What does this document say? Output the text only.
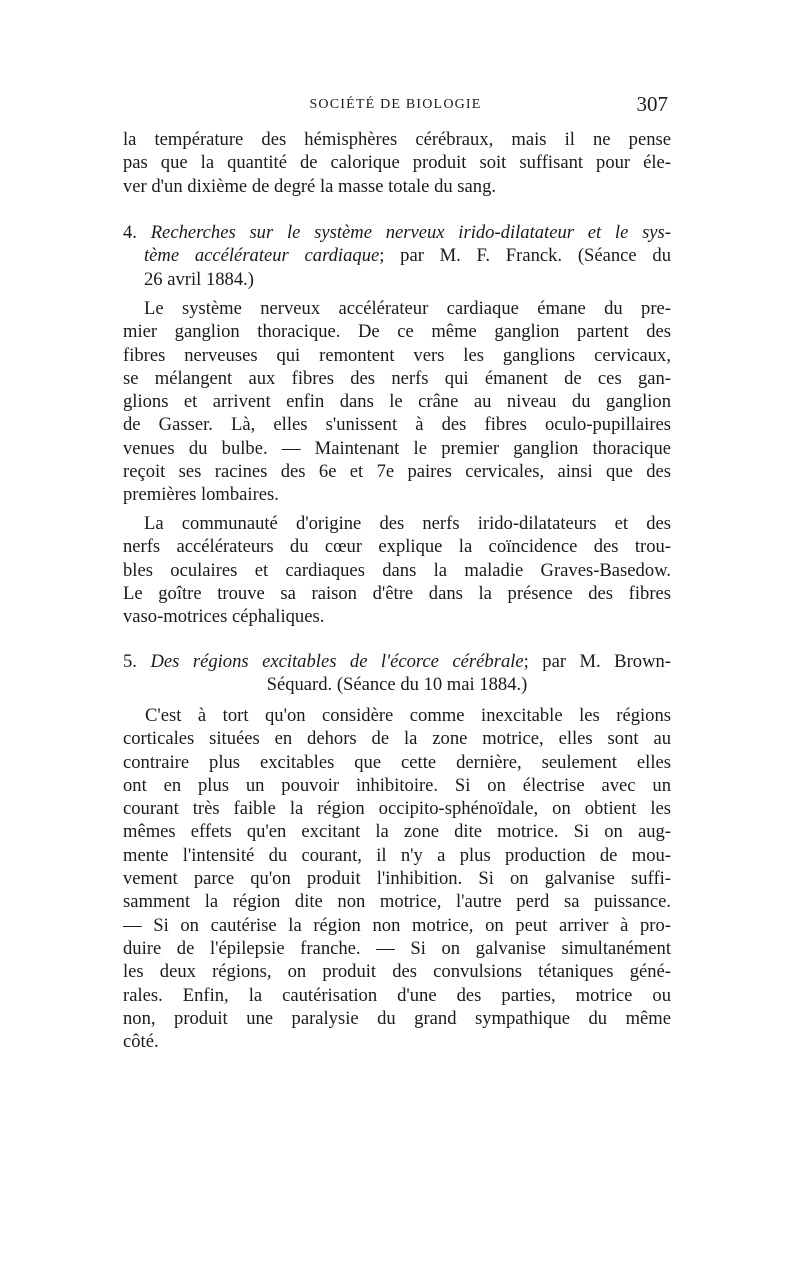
SOCIÉTÉ DE BIOLOGIE	307
la température des hémisphères cérébraux, mais il ne pense
pas que la quantité de calorique produit soit suffisant pour éle-
ver d'un dixième de degré la masse totale du sang.
4. Recherches sur le système nerveux irido-dilatateur et le sys-
tème accélérateur cardiaque; par M. F. Franck. (Séance du
26 avril 1884.)
Le système nerveux accélérateur cardiaque émane du pre-
mier ganglion thoracique. De ce même ganglion partent des
fibres nerveuses qui remontent vers les ganglions cervicaux,
se mélangent aux fibres des nerfs qui émanent de ces gan-
glions et arrivent enfin dans le crâne au niveau du ganglion
de Gasser. Là, elles s'unissent à des fibres oculo-pupillaires
venues du bulbe. — Maintenant le premier ganglion thoracique
reçoit ses racines des 6e et 7e paires cervicales, ainsi que des
premières lombaires.
La communauté d'origine des nerfs irido-dilatateurs et des
nerfs accélérateurs du cœur explique la coïncidence des trou-
bles oculaires et cardiaques dans la maladie Graves-Basedow.
Le goître trouve sa raison d'être dans la présence des fibres
vaso-motrices céphaliques.
5. Des régions excitables de l'écorce cérébrale; par M. Brown-
Séquard. (Séance du 10 mai 1884.)
C'est à tort qu'on considère comme inexcitable les régions
corticales situées en dehors de la zone motrice, elles sont au
contraire plus excitables que cette dernière, seulement elles
ont en plus un pouvoir inhibitoire. Si on électrise avec un
courant très faible la région occipito-sphénoïdale, on obtient les
mêmes effets qu'en excitant la zone dite motrice. Si on aug-
mente l'intensité du courant, il n'y a plus production de mou-
vement parce qu'on produit l'inhibition. Si on galvanise suffi-
samment la région dite non motrice, l'autre perd sa puissance.
— Si on cautérise la région non motrice, on peut arriver à pro-
duire de l'épilepsie franche. — Si on galvanise simultanément
les deux régions, on produit des convulsions tétaniques géné-
rales. Enfin, la cautérisation d'une des parties, motrice ou
non, produit une paralysie du grand sympathique du même
côté.
